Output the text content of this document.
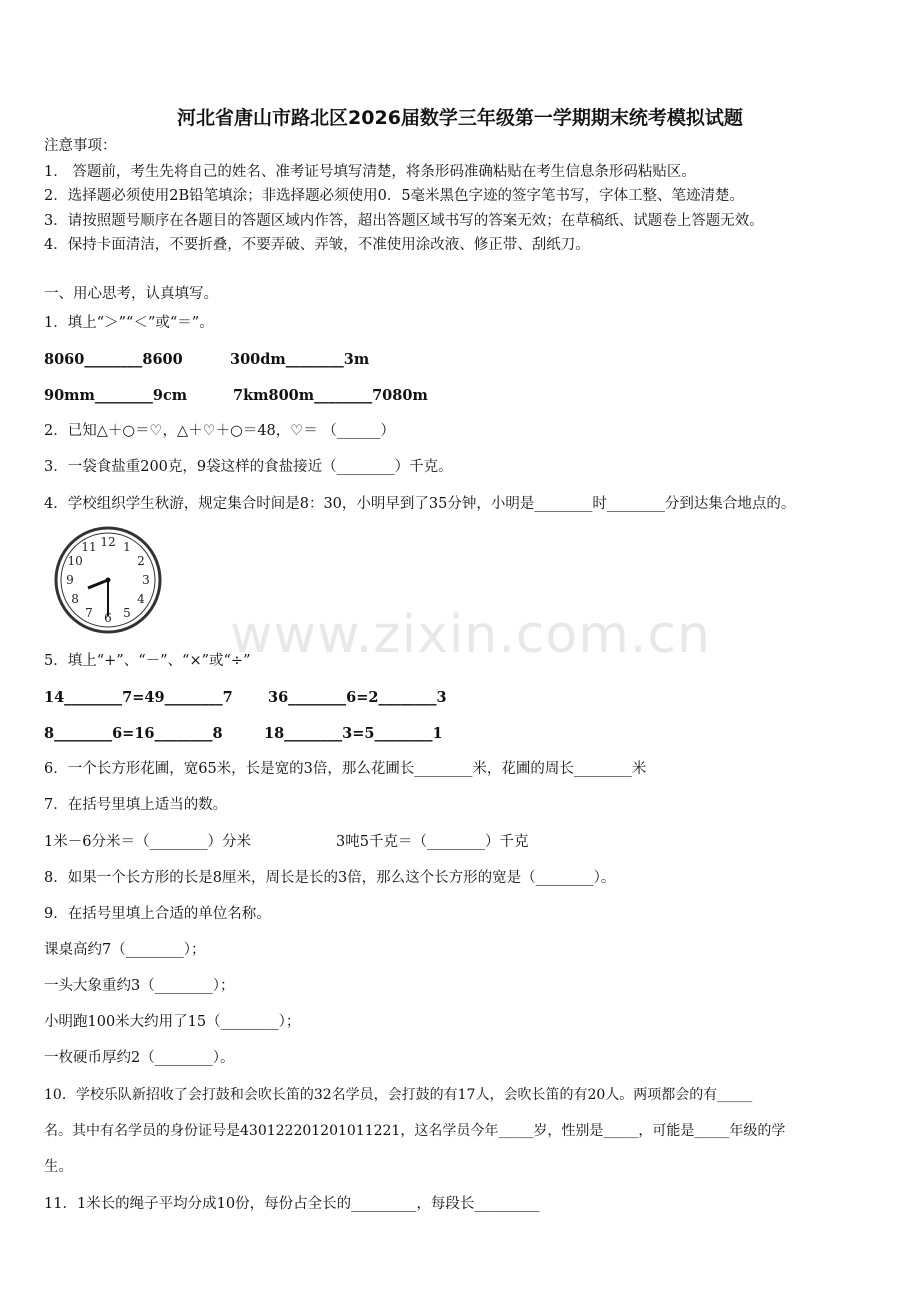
河北省唐山市路北区2026届数学三年级第一学期期末统考模拟试题
注意事项：
1． 答题前，考生先将自己的姓名、准考证号填写清楚，将条形码准确粘贴在考生信息条形码粘贴区。
2．选择题必须使用2B铅笔填涂；非选择题必须使用0．5毫米黑色字迹的签字笔书写，字体工整、笔迹清楚。
3．请按照题号顺序在各题目的答题区域内作答，超出答题区域书写的答案无效；在草稿纸、试题卷上答题无效。
4．保持卡面清洁，不要折叠，不要弄破、弄皱，不准使用涂改液、修正带、刮纸刀。
一、用心思考，认真填写。
1．填上“＞”“＜”或“＝”。
8060________8600	300dm________3m
90mm________9cm	7km800m________7080m
2．已知△＋○＝♡，△＋♡＋○＝48，♡＝ （______）
3．一袋食盐重200克，9袋这样的食盐接近（________）千克。
4．学校组织学生秋游，规定集合时间是8：30，小明早到了35分钟，小明是________时________分到达集合地点的。
12 1
2
3
4
5
6
7
8
9
10
11
www.zixin.com.cn
5．填上“+”、“－”、“×”或“÷”
14________7=49________7 36________6=2________3
8________6=16________8	18________3=5________1
6．一个长方形花圃，宽65米，长是宽的3倍，那么花圃长________米，花圃的周长________米
7．在括号里填上适当的数。
1米－6分米＝（________）分米	3吨5千克＝（________）千克
8．如果一个长方形的长是8厘米，周长是长的3倍，那么这个长方形的宽是（________）。
9．在括号里填上合适的单位名称。
课桌高约7（________）；
一头大象重约3（________）；
小明跑100米大约用了15（________）；
一枚硬币厚约2（________）。
10．学校乐队新招收了会打鼓和会吹长笛的32名学员，会打鼓的有17人，会吹长笛的有20人。两项都会的有_____
名。其中有名学员的身份证号是430122201201011221，这名学员今年_____岁，性别是_____，可能是_____年级的学
生。
11．1米长的绳子平均分成10份，每份占全长的_________，每段长_________
